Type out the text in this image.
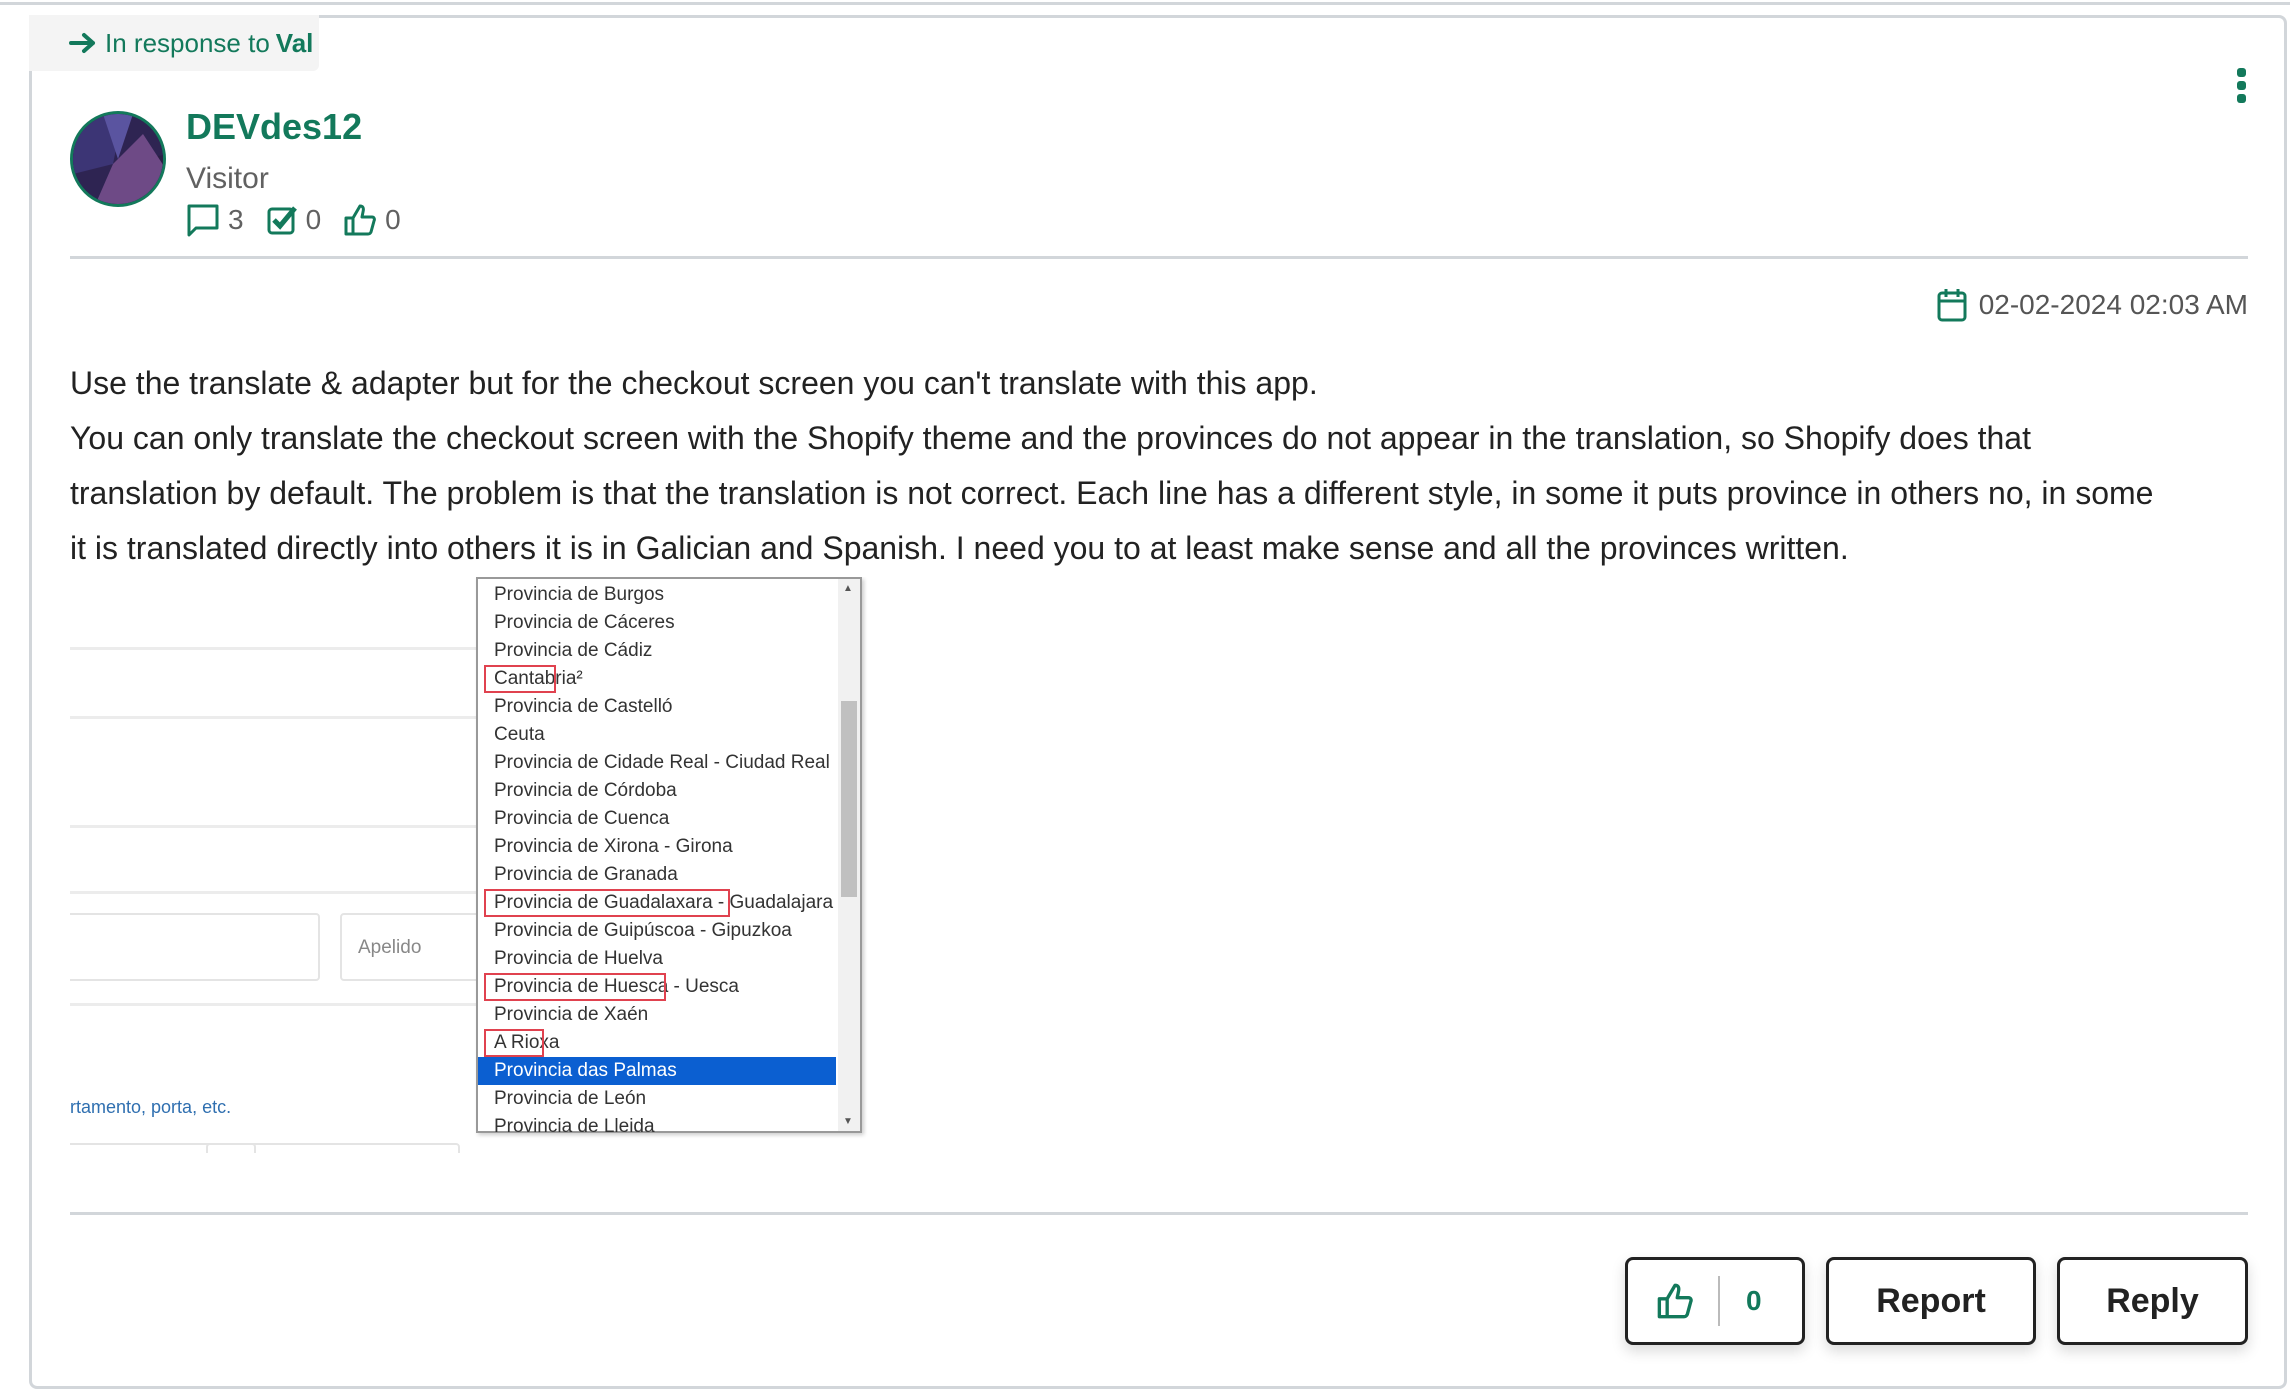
In response to Val
DEVdes12
Visitor
3 0 0
02-02-2024 02:03 AM
Use the translate & adapter but for the checkout screen you can't translate with this app.
You can only translate the checkout screen with the Shopify theme and the provinces do not appear in the translation, so Shopify does that
translation by default. The problem is that the translation is not correct. Each line has a different style, in some it puts province in others no, in some
it is translated directly into others it is in Galician and Spanish. I need you to at least make sense and all the provinces written.
Apelido
rtamento, porta, etc.
▲
▼
Provincia de Burgos
Provincia de Cáceres
Provincia de Cádiz
Cantabria²
Provincia de Castelló
Ceuta
Provincia de Cidade Real - Ciudad Real
Provincia de Córdoba
Provincia de Cuenca
Provincia de Xirona - Girona
Provincia de Granada
Provincia de Guadalaxara - Guadalajara
Provincia de Guipúscoa - Gipuzkoa
Provincia de Huelva
Provincia de Huesca - Uesca
Provincia de Xaén
A Rioxa
Provincia das Palmas
Provincia de León
Provincia de Lleida
0	Report	Reply
